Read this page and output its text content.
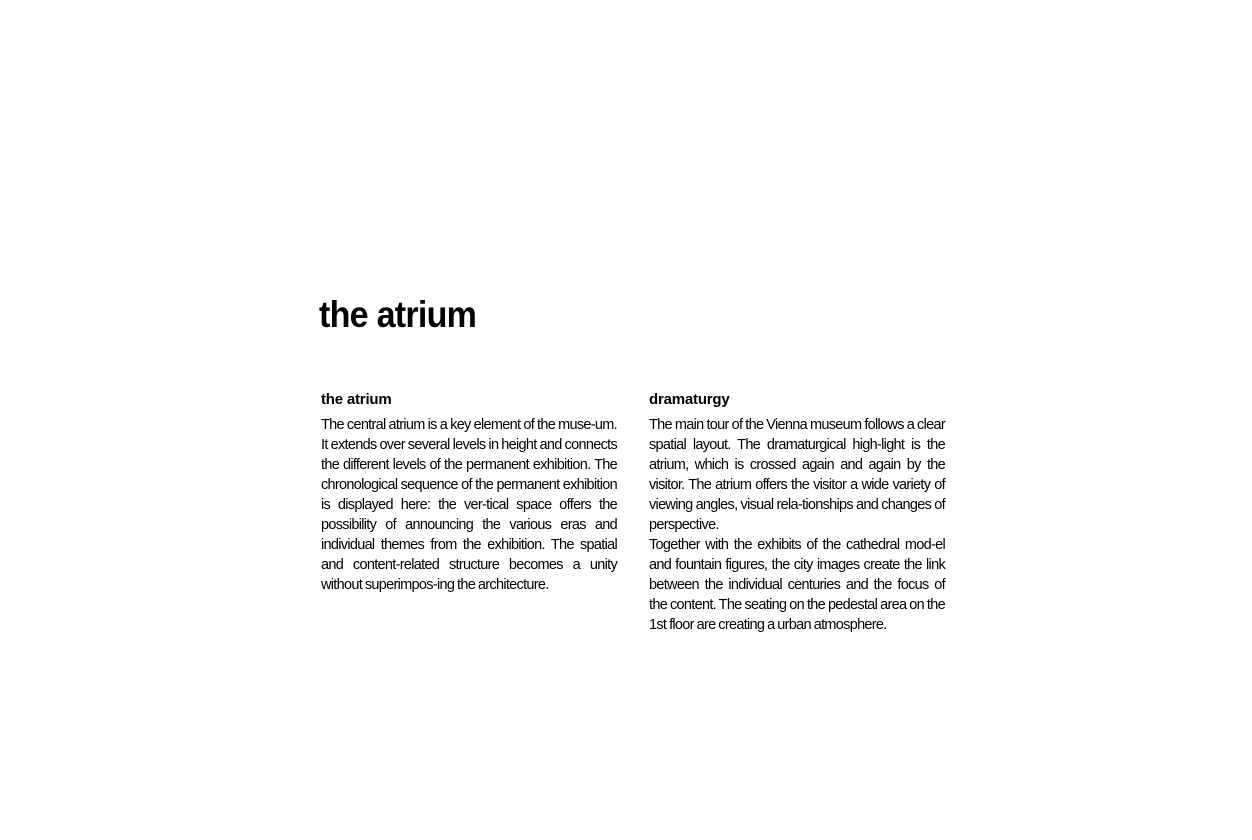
the atrium
the atrium

The central atrium is a key element of the muse-um. It extends over several levels in height and connects the different levels of the permanent exhibition. The chronological sequence of the permanent exhibition is displayed here: the ver-tical space offers the possibility of announcing the various eras and individual themes from the exhibition. The spatial and content-related structure becomes a unity without superimpos-ing the architecture.

dramaturgy

The main tour of the Vienna museum follows a clear spatial layout. The dramaturgical high-light is the atrium, which is crossed again and again by the visitor. The atrium offers the visitor a wide variety of viewing angles, visual rela-tionships and changes of perspective.

Together with the exhibits of the cathedral mod-el and fountain figures, the city images create the link between the individual centuries and the focus of the content. The seating on the pedestal area on the 1st floor are creating a urban atmosphere.
